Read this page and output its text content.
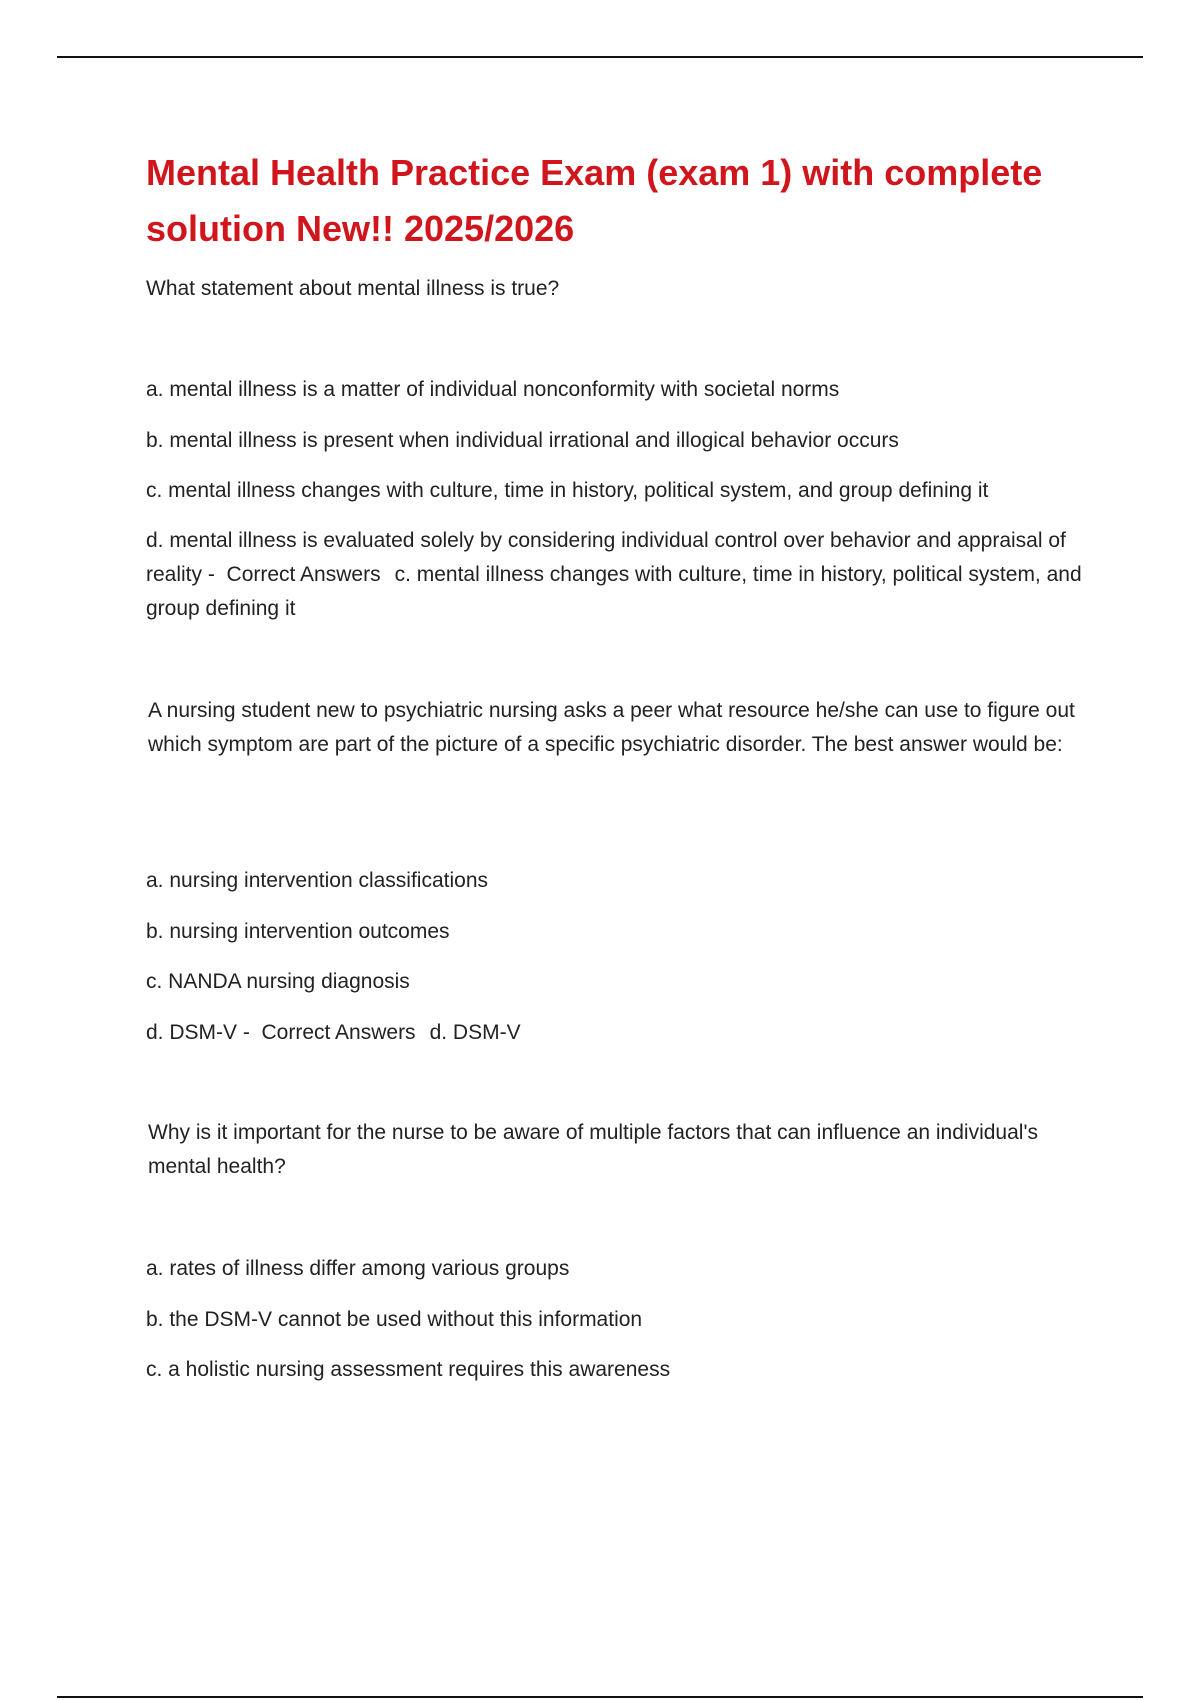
Mental Health Practice Exam (exam 1) with complete solution New!! 2025/2026

What statement about mental illness is true?

a. mental illness is a matter of individual nonconformity with societal norms

b. mental illness is present when individual irrational and illogical behavior occurs

c. mental illness changes with culture, time in history, political system, and group defining it

d. mental illness is evaluated solely by considering individual control over behavior and appraisal of reality - Correct Answers c. mental illness changes with culture, time in history, political system, and group defining it

A nursing student new to psychiatric nursing asks a peer what resource he/she can use to figure out which symptom are part of the picture of a specific psychiatric disorder. The best answer would be:

a. nursing intervention classifications

b. nursing intervention outcomes

c. NANDA nursing diagnosis

d. DSM-V - Correct Answers d. DSM-V

Why is it important for the nurse to be aware of multiple factors that can influence an individual's mental health?

a. rates of illness differ among various groups

b. the DSM-V cannot be used without this information

c. a holistic nursing assessment requires this awareness
